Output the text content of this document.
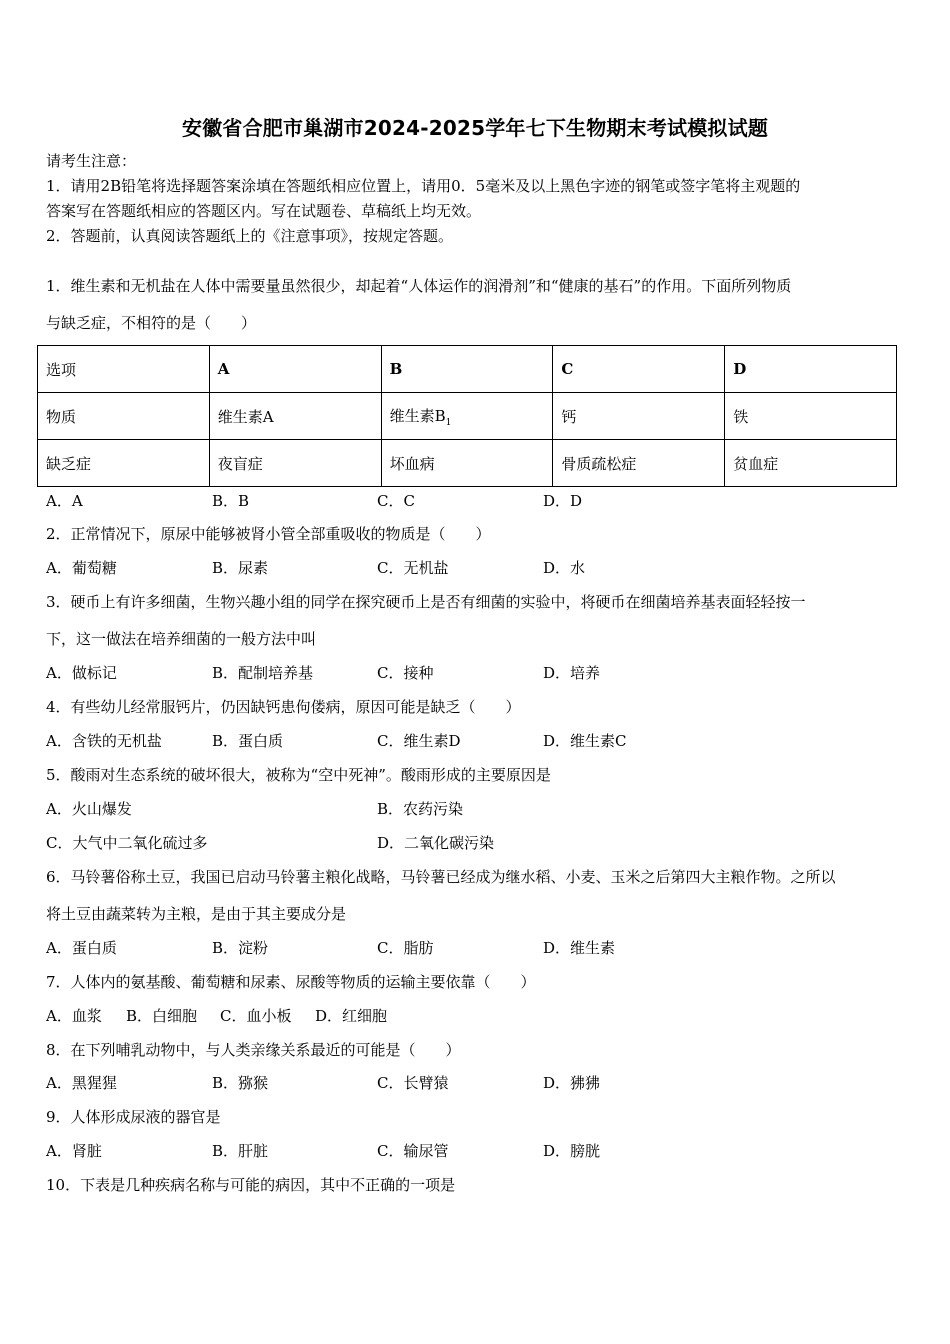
安徽省合肥市巢湖市2024-2025学年七下生物期末考试模拟试题
请考生注意：
1．请用2B铅笔将选择题答案涂填在答题纸相应位置上，请用0．5毫米及以上黑色字迹的钢笔或签字笔将主观题的
答案写在答题纸相应的答题区内。写在试题卷、草稿纸上均无效。
2．答题前，认真阅读答题纸上的《注意事项》，按规定答题。
1．维生素和无机盐在人体中需要量虽然很少，却起着“人体运作的润滑剂”和“健康的基石”的作用。下面所列物质
与缺乏症，不相符的是（　　）
选项	A	B	C	D
物质	维生素A	维生素$B_1$	钙	铁
缺乏症	夜盲症	坏血病	骨质疏松症	贫血症
A．A	B．B	C．C	D．D
2．正常情况下，原尿中能够被肾小管全部重吸收的物质是（　　）
A．葡萄糖	B．尿素	C．无机盐	D．水
3．硬币上有许多细菌，生物兴趣小组的同学在探究硬币上是否有细菌的实验中，将硬币在细菌培养基表面轻轻按一
下，这一做法在培养细菌的一般方法中叫
A．做标记	B．配制培养基	C．接种	D．培养
4．有些幼儿经常服钙片，仍因缺钙患佝偻病，原因可能是缺乏（　　）
A．含铁的无机盐	B．蛋白质	C．维生素D	D．维生素C
5．酸雨对生态系统的破坏很大，被称为“空中死神”。酸雨形成的主要原因是
A．火山爆发	B．农药污染
C．大气中二氧化硫过多	D．二氧化碳污染
6．马铃薯俗称土豆，我国已启动马铃薯主粮化战略，马铃薯已经成为继水稻、小麦、玉米之后第四大主粮作物。之所以
将土豆由蔬菜转为主粮，是由于其主要成分是
A．蛋白质	B．淀粉	C．脂肪	D．维生素
7．人体内的氨基酸、葡萄糖和尿素、尿酸等物质的运输主要依靠（　　）
A．血浆 B．白细胞 C．血小板 D．红细胞
8．在下列哺乳动物中，与人类亲缘关系最近的可能是（　　）
A．黑猩猩	B．猕猴	C．长臂猿	D．狒狒
9．人体形成尿液的器官是
A．肾脏	B．肝脏	C．输尿管	D．膀胱
10．下表是几种疾病名称与可能的病因，其中不正确的一项是
